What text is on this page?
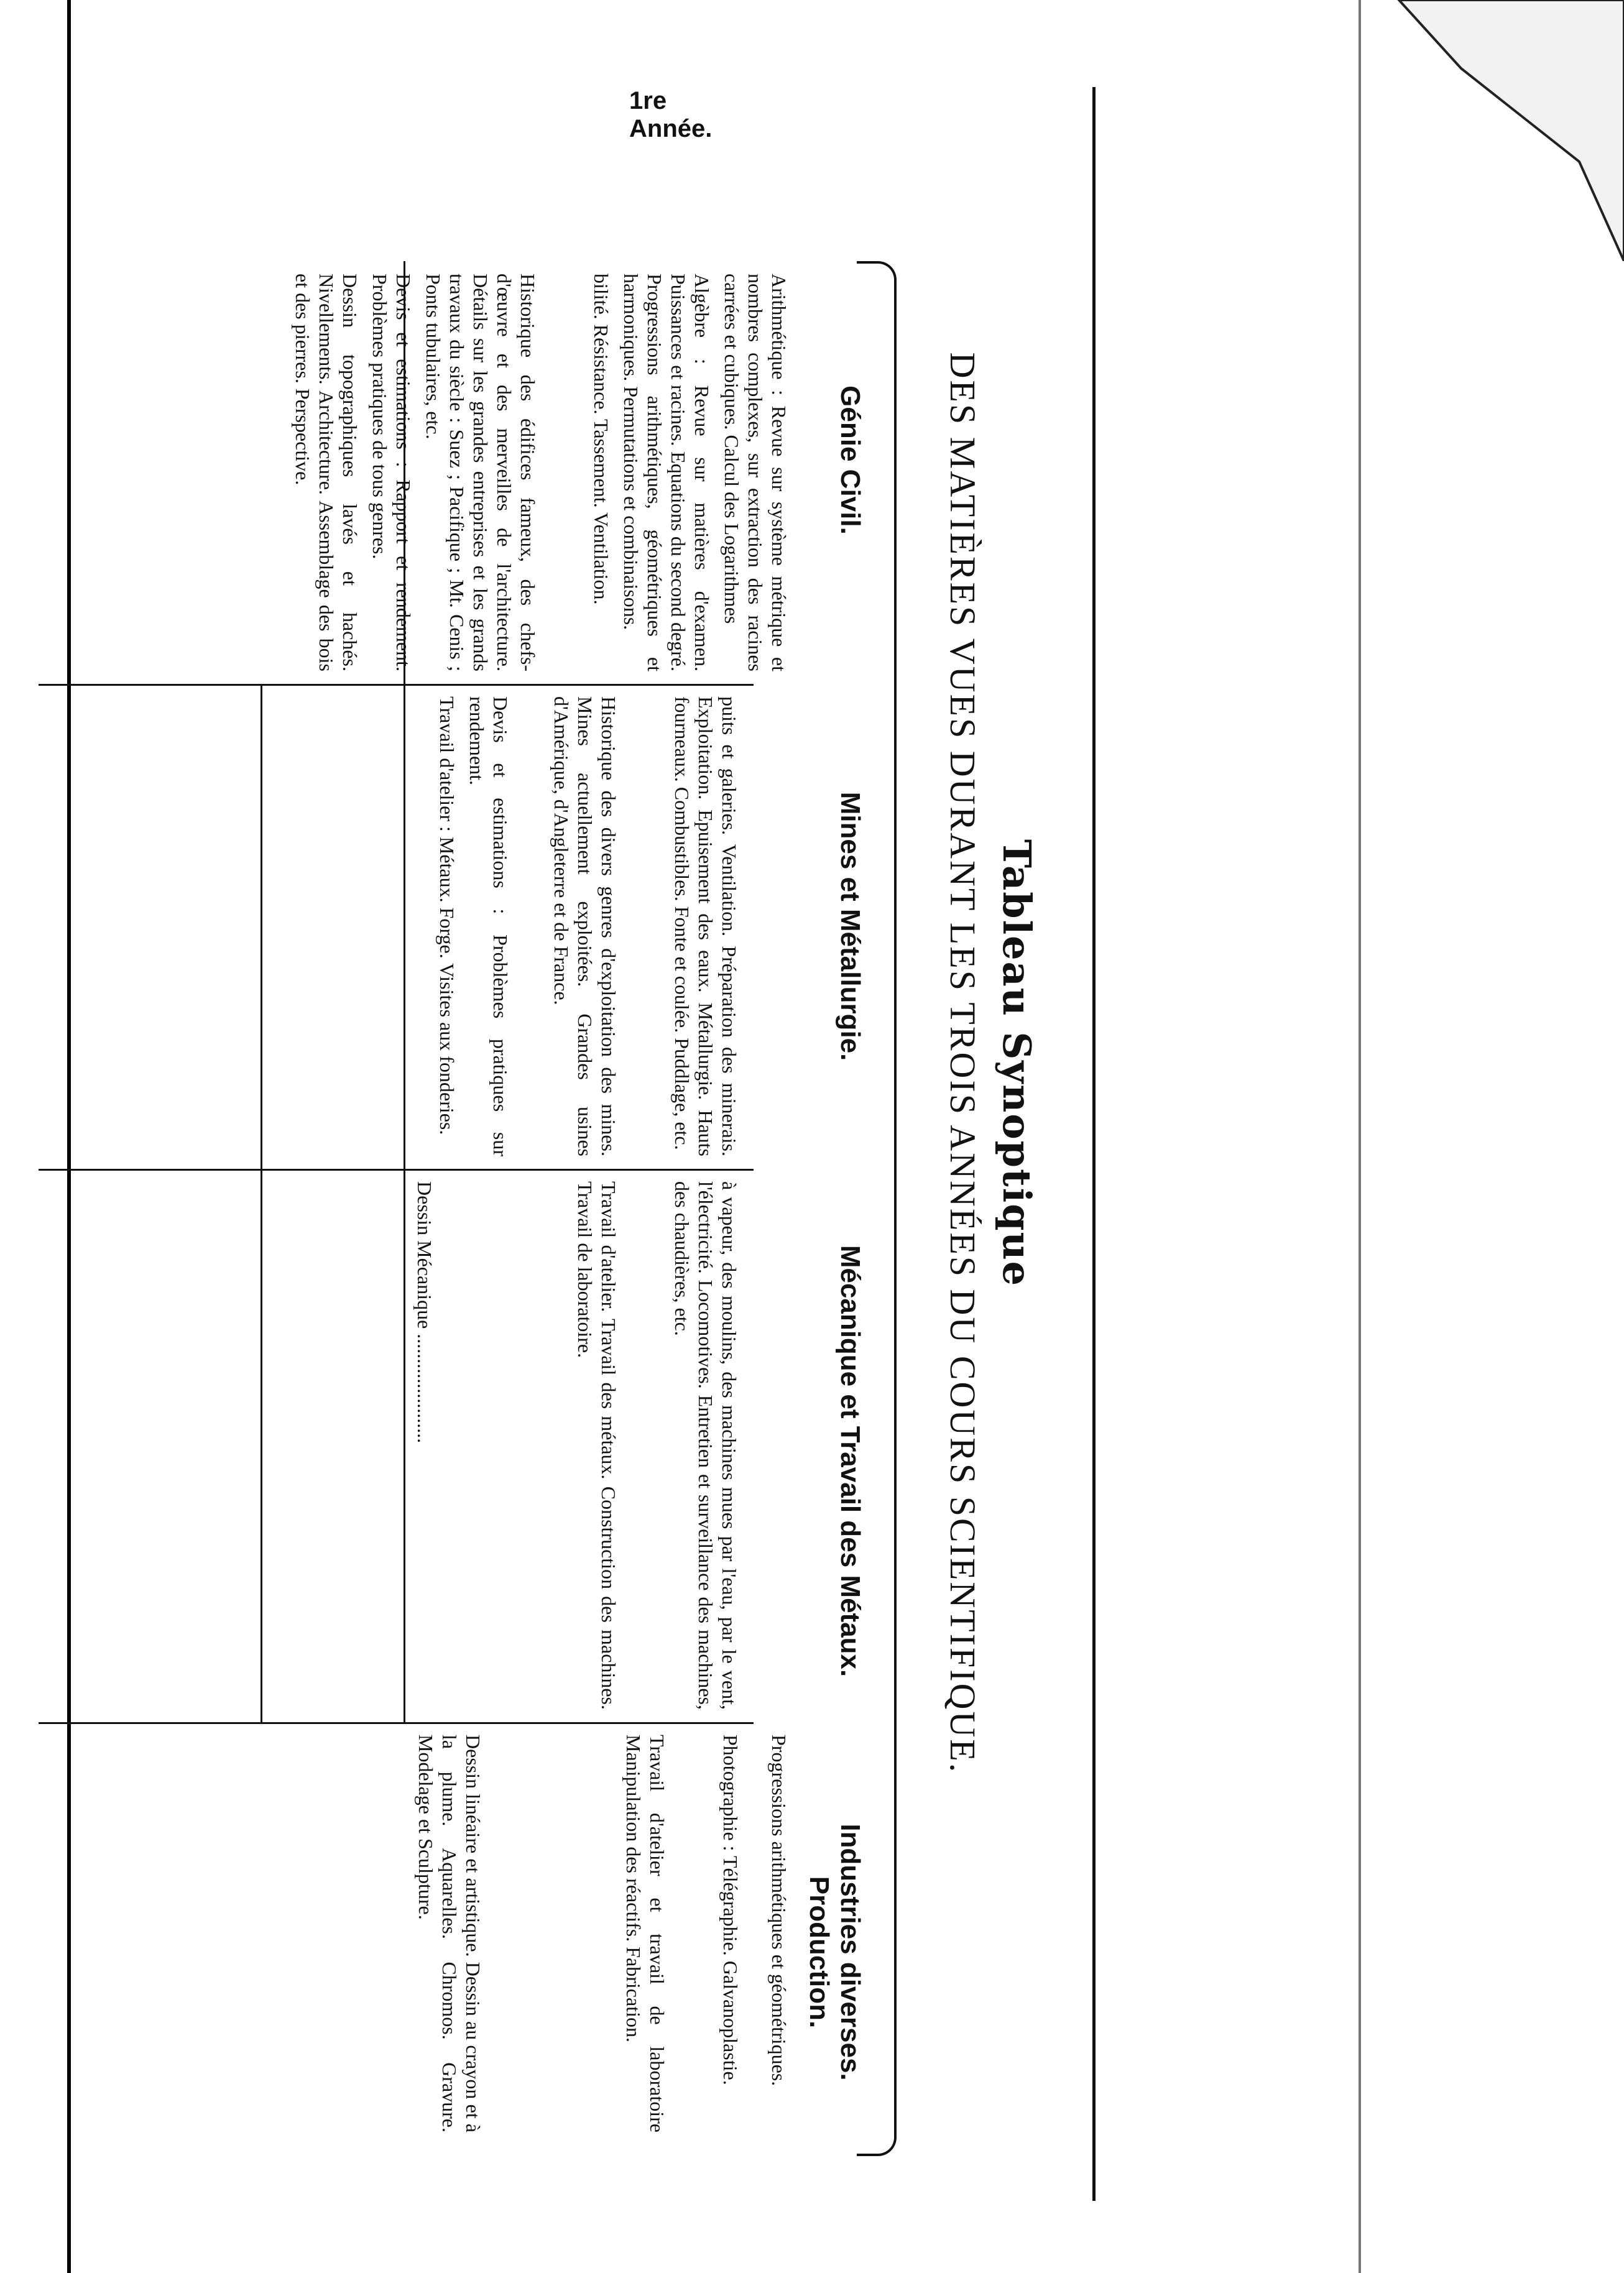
Tableau Synoptique
DES MATIÈRES VUES DURANT LES TROIS ANNÉES DU COURS SCIENTIFIQUE.
Génie Civil.
Mines et Métallurgie.
Mécanique et Travail des Métaux.
Industries diverses. Production.
1re Année.
Arithmétique : Revue sur système métrique et nombres complexes, sur extraction des racines carrées et cubiques. Calcul des Logarithmes
Algèbre : Revue sur matières d'examen. Puissances et racines. Equations du second degré. Progressions arithmétiques, géométriques et harmoniques. Permutations et combinaisons.
bilité. Résistance. Tassement. Ventilation.
Historique des édifices fameux, des chefs-d'œuvre et des merveilles de l'architecture. Détails sur les grandes entreprises et les grands travaux du siècle : Suez ; Pacifique ; Mt. Cenis ; Ponts tubulaires, etc.
Devis et estimations : Rapport et rendement. Problèmes pratiques de tous genres.
Dessin topographiques lavés et hachés. Nivellements. Architecture. Assemblage des bois et des pierres. Perspective.
puits et galeries. Ventilation. Préparation des minerais. Exploitation. Epuisement des eaux. Métallurgie. Hauts fourneaux. Combustibles. Fonte et coulée. Puddlage, etc.
Historique des divers genres d'exploitation des mines. Mines actuellement exploitées. Grandes usines d'Amérique, d'Angleterre et de France.
Devis et estimations : Problèmes pratiques sur rendement.
Travail d'atelier : Métaux. Forge. Visites aux fonderies.
à vapeur, des moulins, des machines mues par l'eau, par le vent, l'électricité. Locomotives. Entretien et surveillance des machines, des chaudières, etc.
Travail d'atelier. Travail des métaux. Construction des machines. Travail de laboratoire.
Dessin Mécanique ......................
Progressions arithmétiques et géométriques.
Photographie : Télégraphie. Galvanoplastie.
Travail d'atelier et travail de laboratoire Manipulation des réactifs. Fabrication.
Dessin linéaire et artistique. Dessin au crayon et à la plume. Aquarelles. Chromos. Gravure. Modelage et Sculpture.
